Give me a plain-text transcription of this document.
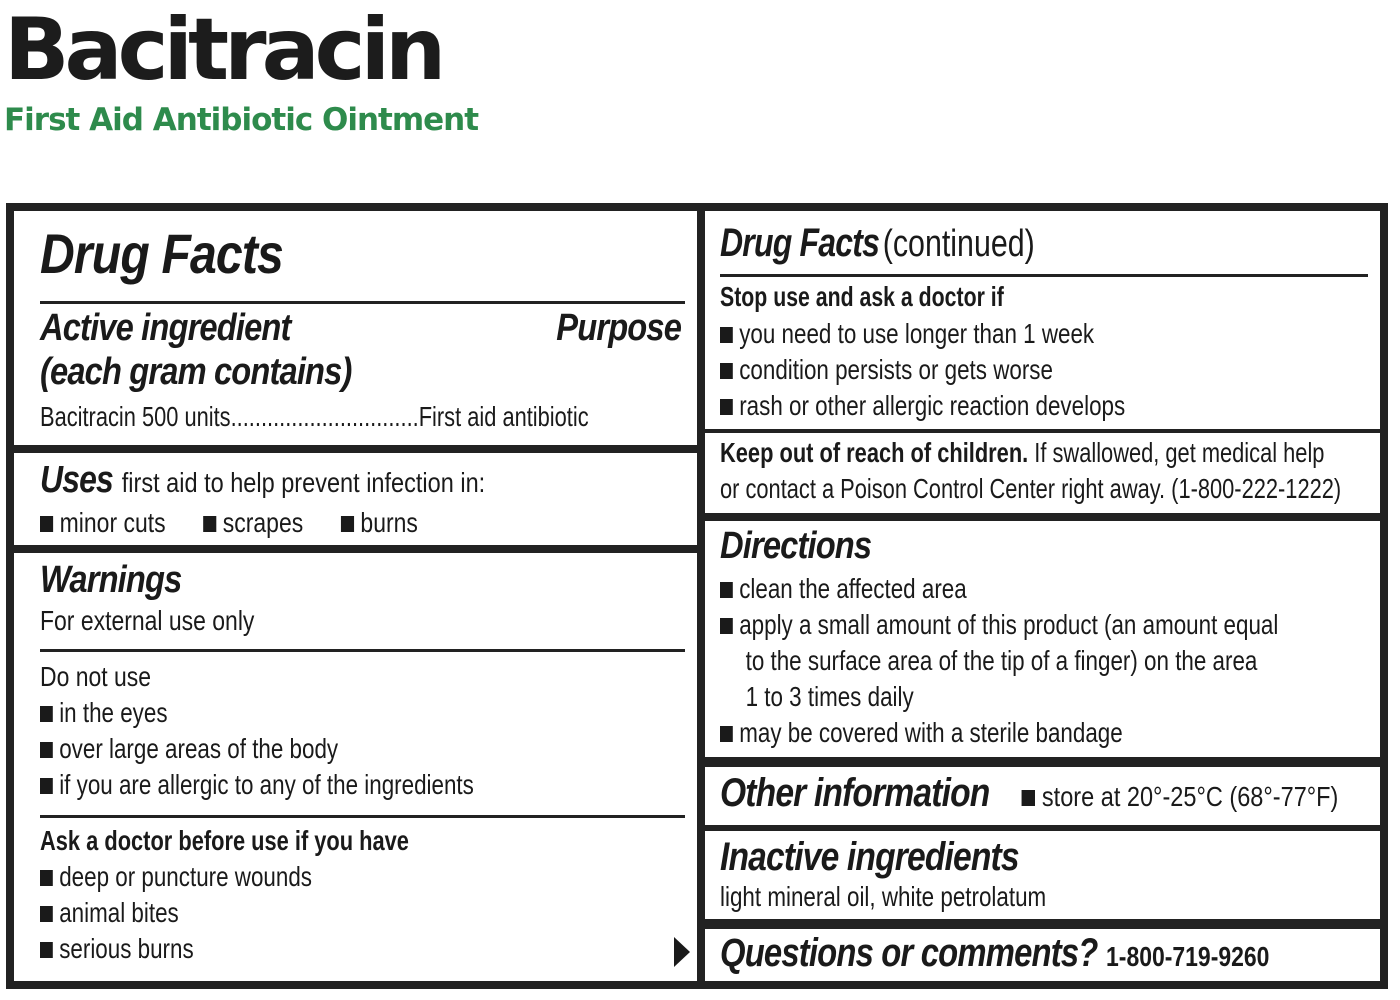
Bacitracin
First Aid Antibiotic Ointment
Drug Facts
Active ingredient
(each gram contains)
Purpose
Bacitracin 500 units...............................First aid antibiotic
Uses first aid to help prevent infection in:
minor cuts scrapes burns
Warnings
For external use only
Do not use
in the eyes
over large areas of the body
if you are allergic to any of the ingredients
Ask a doctor before use if you have
deep or puncture wounds
animal bites
serious burns
Drug Facts (continued)
Stop use and ask a doctor if
you need to use longer than 1 week
condition persists or gets worse
rash or other allergic reaction develops
Keep out of reach of children. If swallowed, get medical help
or contact a Poison Control Center right away. (1-800-222-1222)
Directions
clean the affected area
apply a small amount of this product (an amount equal
to the surface area of the tip of a finger) on the area
1 to 3 times daily
may be covered with a sterile bandage
Other information store at 20°-25°C (68°-77°F)
Inactive ingredients
light mineral oil, white petrolatum
Questions or comments? 1-800-719-9260
